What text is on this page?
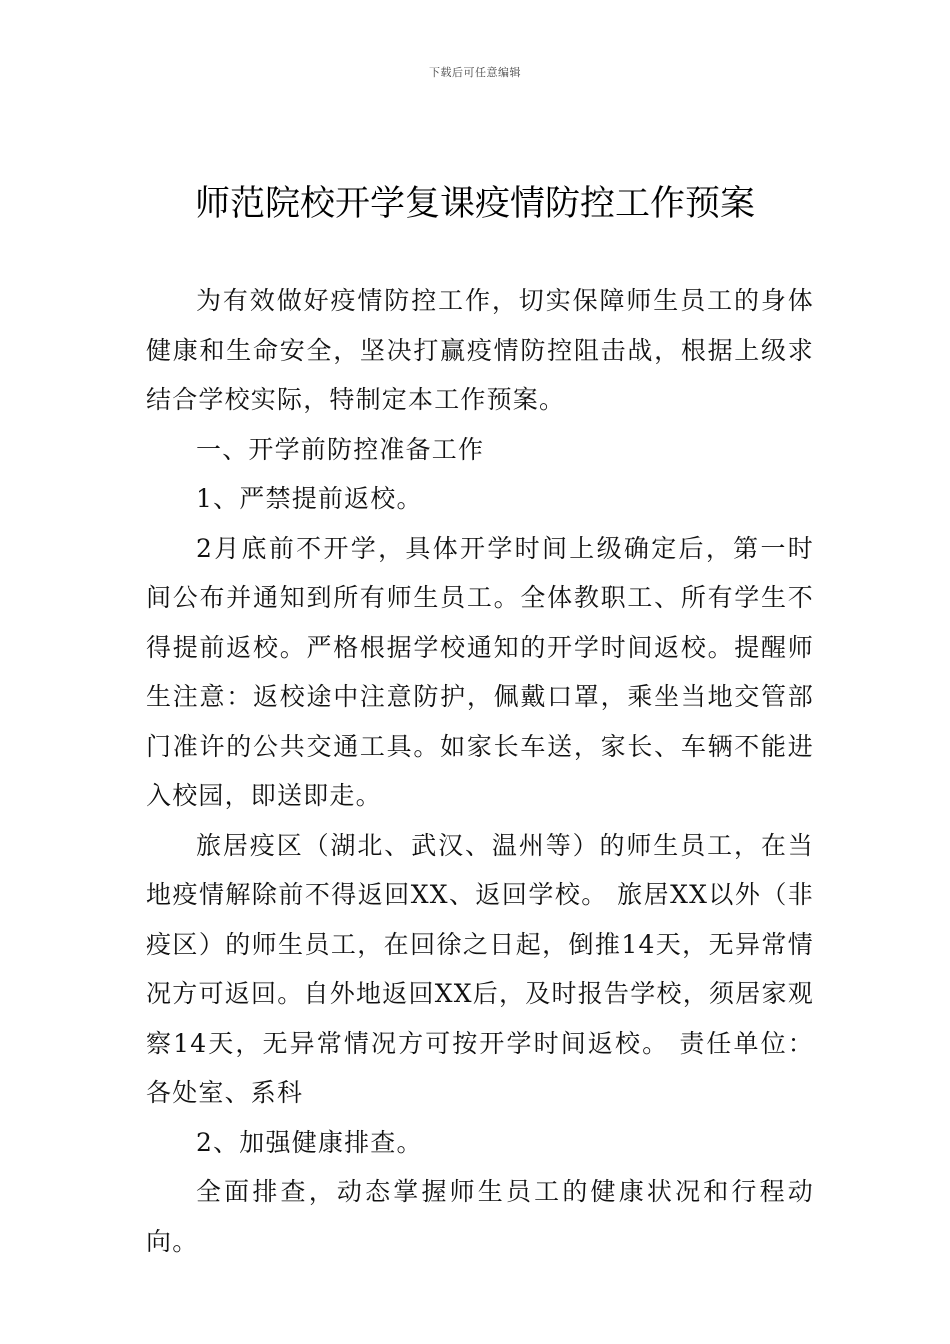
下载后可任意编辑
师范院校开学复课疫情防控工作预案

为有效做好疫情防控工作，切实保障师生员工的身体健康和生命安全，坚决打赢疫情防控阻击战，根据上级求结合学校实际，特制定本工作预案。

一、开学前防控准备工作

1、严禁提前返校。

2月底前不开学，具体开学时间上级确定后，第一时间公布并通知到所有师生员工。全体教职工、所有学生不得提前返校。严格根据学校通知的开学时间返校。提醒师生注意：返校途中注意防护，佩戴口罩，乘坐当地交管部门准许的公共交通工具。如家长车送，家长、车辆不能进入校园，即送即走。

旅居疫区（湖北、武汉、温州等）的师生员工，在当地疫情解除前不得返回XX、返回学校。 旅居XX以外（非疫区）的师生员工，在回徐之日起，倒推14天，无异常情况方可返回。自外地返回XX后，及时报告学校，须居家观察14天，无异常情况方可按开学时间返校。 责任单位：各处室、系科

2、加强健康排查。

全面排查，动态掌握师生员工的健康状况和行程动向。
